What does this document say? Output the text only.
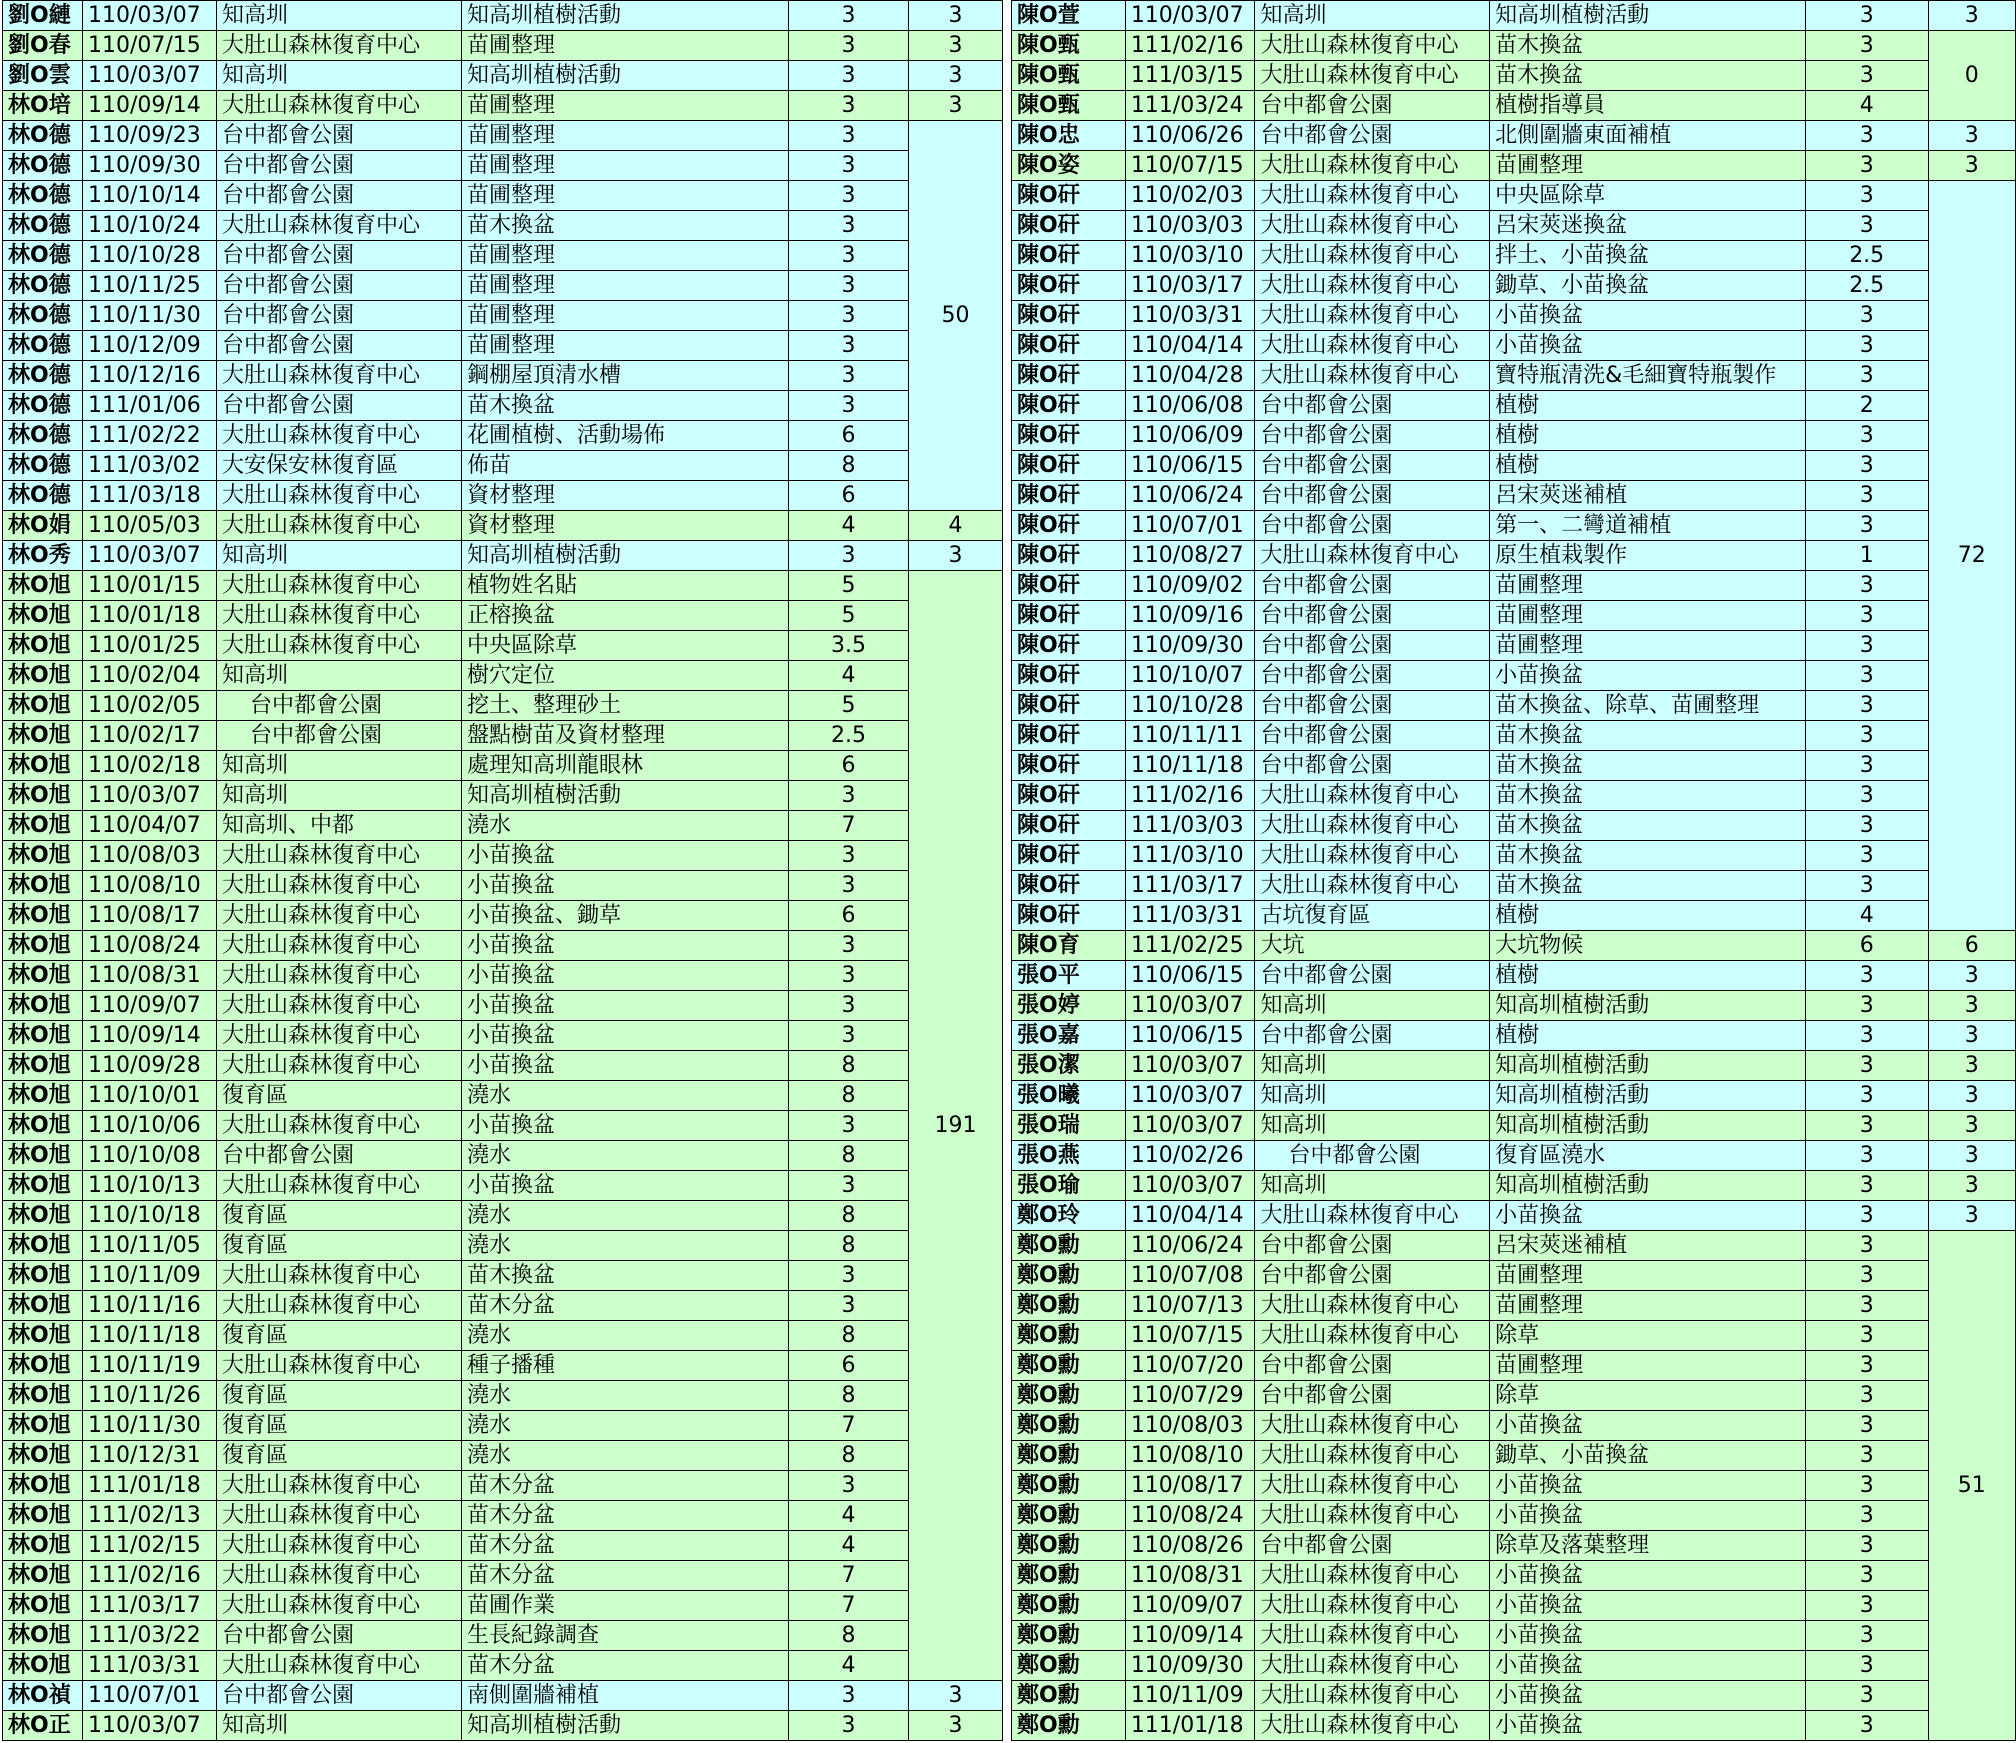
劉O縺	110/03/07	知高圳	知高圳植樹活動	3	3
劉O春	110/07/15	大肚山森林復育中心	苗圃整理	3	3
劉O雲	110/03/07	知高圳	知高圳植樹活動	3	3
林O培	110/09/14	大肚山森林復育中心	苗圃整理	3	3
林O德	110/09/23	台中都會公園	苗圃整理	3	50
林O德	110/09/30	台中都會公園	苗圃整理	3	
林O德	110/10/14	台中都會公園	苗圃整理	3	
林O德	110/10/24	大肚山森林復育中心	苗木換盆	3	
林O德	110/10/28	台中都會公園	苗圃整理	3	
林O德	110/11/25	台中都會公園	苗圃整理	3	
林O德	110/11/30	台中都會公園	苗圃整理	3	
林O德	110/12/09	台中都會公園	苗圃整理	3	
林O德	110/12/16	大肚山森林復育中心	鋼棚屋頂清水槽	3	
林O德	111/01/06	台中都會公園	苗木換盆	3	
林O德	111/02/22	大肚山森林復育中心	花圃植樹、活動場佈	6	
林O德	111/03/02	大安保安林復育區	佈苗	8	
林O德	111/03/18	大肚山森林復育中心	資材整理	6	
林O娟	110/05/03	大肚山森林復育中心	資材整理	4	4
林O秀	110/03/07	知高圳	知高圳植樹活動	3	3
林O旭	110/01/15	大肚山森林復育中心	植物姓名貼	5	191
林O旭	110/01/18	大肚山森林復育中心	正榕換盆	5	
林O旭	110/01/25	大肚山森林復育中心	中央區除草	3.5	
林O旭	110/02/04	知高圳	樹穴定位	4	
林O旭	110/02/05	台中都會公園	挖土、整理砂土	5	
林O旭	110/02/17	台中都會公園	盤點樹苗及資材整理	2.5	
林O旭	110/02/18	知高圳	處理知高圳龍眼林	6	
林O旭	110/03/07	知高圳	知高圳植樹活動	3	
林O旭	110/04/07	知高圳、中都	澆水	7	
林O旭	110/08/03	大肚山森林復育中心	小苗換盆	3	
林O旭	110/08/10	大肚山森林復育中心	小苗換盆	3	
林O旭	110/08/17	大肚山森林復育中心	小苗換盆、鋤草	6	
林O旭	110/08/24	大肚山森林復育中心	小苗換盆	3	
林O旭	110/08/31	大肚山森林復育中心	小苗換盆	3	
林O旭	110/09/07	大肚山森林復育中心	小苗換盆	3	
林O旭	110/09/14	大肚山森林復育中心	小苗換盆	3	
林O旭	110/09/28	大肚山森林復育中心	小苗換盆	8	
林O旭	110/10/01	復育區	澆水	8	
林O旭	110/10/06	大肚山森林復育中心	小苗換盆	3	
林O旭	110/10/08	台中都會公園	澆水	8	
林O旭	110/10/13	大肚山森林復育中心	小苗換盆	3	
林O旭	110/10/18	復育區	澆水	8	
林O旭	110/11/05	復育區	澆水	8	
林O旭	110/11/09	大肚山森林復育中心	苗木換盆	3	
林O旭	110/11/16	大肚山森林復育中心	苗木分盆	3	
林O旭	110/11/18	復育區	澆水	8	
林O旭	110/11/19	大肚山森林復育中心	種子播種	6	
林O旭	110/11/26	復育區	澆水	8	
林O旭	110/11/30	復育區	澆水	7	
林O旭	110/12/31	復育區	澆水	8	
林O旭	111/01/18	大肚山森林復育中心	苗木分盆	3	
林O旭	111/02/13	大肚山森林復育中心	苗木分盆	4	
林O旭	111/02/15	大肚山森林復育中心	苗木分盆	4	
林O旭	111/02/16	大肚山森林復育中心	苗木分盆	7	
林O旭	111/03/17	大肚山森林復育中心	苗圃作業	7	
林O旭	111/03/22	台中都會公園	生長紀錄調查	8	
林O旭	111/03/31	大肚山森林復育中心	苗木分盆	4	
林O禎	110/07/01	台中都會公園	南側圍牆補植	3	3
林O正	110/03/07	知高圳	知高圳植樹活動	3	3
陳O萱	110/03/07	知高圳	知高圳植樹活動	3	3
陳O甄	111/02/16	大肚山森林復育中心	苗木換盆	3	0
陳O甄	111/03/15	大肚山森林復育中心	苗木換盆	3	
陳O甄	111/03/24	台中都會公園	植樹指導員	4	
陳O忠	110/06/26	台中都會公園	北側圍牆東面補植	3	3
陳O姿	110/07/15	大肚山森林復育中心	苗圃整理	3	3
陳O矸	110/02/03	大肚山森林復育中心	中央區除草	3	72
陳O矸	110/03/03	大肚山森林復育中心	呂宋莢迷換盆	3	
陳O矸	110/03/10	大肚山森林復育中心	拌土、小苗換盆	2.5	
陳O矸	110/03/17	大肚山森林復育中心	鋤草、小苗換盆	2.5	
陳O矸	110/03/31	大肚山森林復育中心	小苗換盆	3	
陳O矸	110/04/14	大肚山森林復育中心	小苗換盆	3	
陳O矸	110/04/28	大肚山森林復育中心	寶特瓶清洗&毛細寶特瓶製作	3	
陳O矸	110/06/08	台中都會公園	植樹	2	
陳O矸	110/06/09	台中都會公園	植樹	3	
陳O矸	110/06/15	台中都會公園	植樹	3	
陳O矸	110/06/24	台中都會公園	呂宋莢迷補植	3	
陳O矸	110/07/01	台中都會公園	第一、二彎道補植	3	
陳O矸	110/08/27	大肚山森林復育中心	原生植栽製作	1	
陳O矸	110/09/02	台中都會公園	苗圃整理	3	
陳O矸	110/09/16	台中都會公園	苗圃整理	3	
陳O矸	110/09/30	台中都會公園	苗圃整理	3	
陳O矸	110/10/07	台中都會公園	小苗換盆	3	
陳O矸	110/10/28	台中都會公園	苗木換盆、除草、苗圃整理	3	
陳O矸	110/11/11	台中都會公園	苗木換盆	3	
陳O矸	110/11/18	台中都會公園	苗木換盆	3	
陳O矸	111/02/16	大肚山森林復育中心	苗木換盆	3	
陳O矸	111/03/03	大肚山森林復育中心	苗木換盆	3	
陳O矸	111/03/10	大肚山森林復育中心	苗木換盆	3	
陳O矸	111/03/17	大肚山森林復育中心	苗木換盆	3	
陳O矸	111/03/31	古坑復育區	植樹	4	
陳O育	111/02/25	大坑	大坑物候	6	6
張O平	110/06/15	台中都會公園	植樹	3	3
張O婷	110/03/07	知高圳	知高圳植樹活動	3	3
張O嘉	110/06/15	台中都會公園	植樹	3	3
張O潔	110/03/07	知高圳	知高圳植樹活動	3	3
張O曦	110/03/07	知高圳	知高圳植樹活動	3	3
張O瑞	110/03/07	知高圳	知高圳植樹活動	3	3
張O燕	110/02/26	台中都會公園	復育區澆水	3	3
張O瑜	110/03/07	知高圳	知高圳植樹活動	3	3
鄭O玲	110/04/14	大肚山森林復育中心	小苗換盆	3	3
鄭O勳	110/06/24	台中都會公園	呂宋莢迷補植	3	51
鄭O勳	110/07/08	台中都會公園	苗圃整理	3	
鄭O勳	110/07/13	大肚山森林復育中心	苗圃整理	3	
鄭O勳	110/07/15	大肚山森林復育中心	除草	3	
鄭O勳	110/07/20	台中都會公園	苗圃整理	3	
鄭O勳	110/07/29	台中都會公園	除草	3	
鄭O勳	110/08/03	大肚山森林復育中心	小苗換盆	3	
鄭O勳	110/08/10	大肚山森林復育中心	鋤草、小苗換盆	3	
鄭O勳	110/08/17	大肚山森林復育中心	小苗換盆	3	
鄭O勳	110/08/24	大肚山森林復育中心	小苗換盆	3	
鄭O勳	110/08/26	台中都會公園	除草及落葉整理	3	
鄭O勳	110/08/31	大肚山森林復育中心	小苗換盆	3	
鄭O勳	110/09/07	大肚山森林復育中心	小苗換盆	3	
鄭O勳	110/09/14	大肚山森林復育中心	小苗換盆	3	
鄭O勳	110/09/30	大肚山森林復育中心	小苗換盆	3	
鄭O勳	110/11/09	大肚山森林復育中心	小苗換盆	3	
鄭O勳	111/01/18	大肚山森林復育中心	小苗換盆	3	
